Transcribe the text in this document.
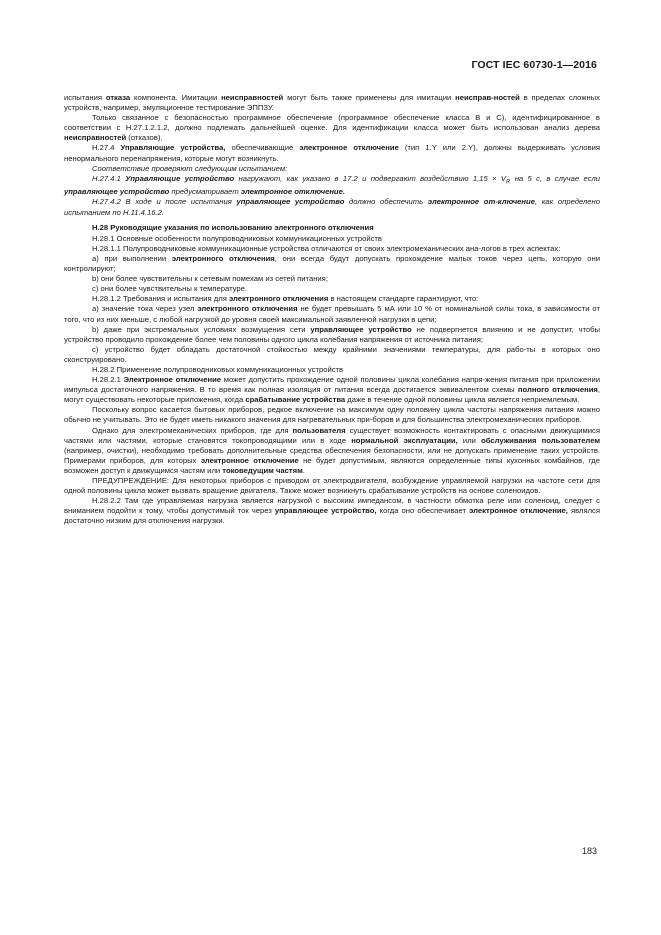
ГОСТ IEC 60730-1—2016

испытания отказа компонента. Имитации неисправностей могут быть также применены для имитации неисправ-ностей в пределах сложных устройств, например, эмуляционное тестирование ЭППЗУ.

Только связанное с безопасностью программное обеспечение (программное обеспечение класса В и С), идентифицированное в соответствии с Н.27.1.2.1.2, должно подлежать дальнейшей оценке. Для идентификации класса может быть использован анализ дерева неисправностей (отказов).

Н.27.4 Управляющие устройства, обеспечивающие электронное отключение (тип 1.Y или 2.Y), должны выдерживать условия ненормального перенапряжения, которые могут возникнуть.

Соответствие проверяют следующим испытанием:

Н.27.4.1 Управляющие устройство нагружают, как указано в 17.2 и подвергают воздействию $1,15 \times V_R$ на 5 с, в случае если управляющее устройство предусматривает электронное отключение.

Н.27.4.2 В ходе и после испытания управляющее устройство должно обеспечить электронное от-ключение, как определено испытанием по Н.11.4.16.2.

Н.28 Руководящие указания по использованию электронного отключения

Н.28.1 Основные особенности полупроводниковых коммуникационных устройств

Н.28.1.1 Полупроводниковые коммуникационные устройства отличаются от своих электромеханических ана-логов в трех аспектах:

а) при выполнении электронного отключения, они всегда будут допускать прохождение малых токов через цепь, которую они контролируют;

b) они более чувствительны к сетевым помехам из сетей питания;

с) они более чувствительны к температуре.

Н.28.1.2 Требования и испытания для электронного отключения в настоящем стандарте гарантируют, что:

а) значение тока через узел электронного отключения не будет превышать 5 мА или 10 % от номинальной силы тока, в зависимости от того, что из них меньше, с любой нагрузкой до уровня своей максимальной заявленной нагрузки в цепи;

b) даже при экстремальных условиях возмущения сети управляющее устройство не подвергнется влиянию и не допустит, чтобы устройство проводило прохождение более чем половины одного цикла колебания напряжения от источника питания;

с) устройство будет обладать достаточной стойкостью между крайними значениями температуры, для рабо-ты в которых оно сконструировано.

Н.28.2 Применение полупроводниковых коммуникационных устройств

Н.28.2.1 Электронное отключение может допустить прохождение одной половины цикла колебания напря-жения питания при приложении импульса достаточного напряжения. В то время как полная изоляция от питания всегда достигается эквивалентом схемы полного отключения, могут существовать некоторые приложения, когда срабатывание устройства даже в течение одной половины цикла является неприемлемым.

Поскольку вопрос касается бытовых приборов, редкое включение на максимум одну половину цикла частоты напряжения питания можно обычно не учитывать. Это не будет иметь никакого значения для нагревательных при-боров и для большинства электромеханических приборов.

Однако для электромеханических приборов, где для пользователя существует возможность контактировать с опасными движущимися частями или частями, которые становятся токопроводящими или в ходе нормальной эксплуатации, или обслуживания пользователем (например, очистки), необходимо требовать дополнительные средства обеспечения безопасности, или не допускать применение таких устройств. Примерами приборов, для которых электронное отключение не будет допустимым, являются определенные типы кухонных комбайнов, где возможен доступ к движущимся частям или токоведущим частям.

ПРЕДУПРЕЖДЕНИЕ: Для некоторых приборов с приводом от электродвигателя, возбуждение управляемой нагрузки на частоте сети для одной половины цикла может вызвать вращение двигателя. Также может возникнуть срабатывание устройств на основе соленоидов.

Н.28.2.2 Там где управляемая нагрузка является нагрузкой с высоким импедансом, в частности обмотка реле или соленоид, следует с вниманием подойти к тому, чтобы допустимый ток через управляющее устройство, когда оно обеспечивает электронное отключение, являлся достаточно низким для отключения нагрузки.

183
